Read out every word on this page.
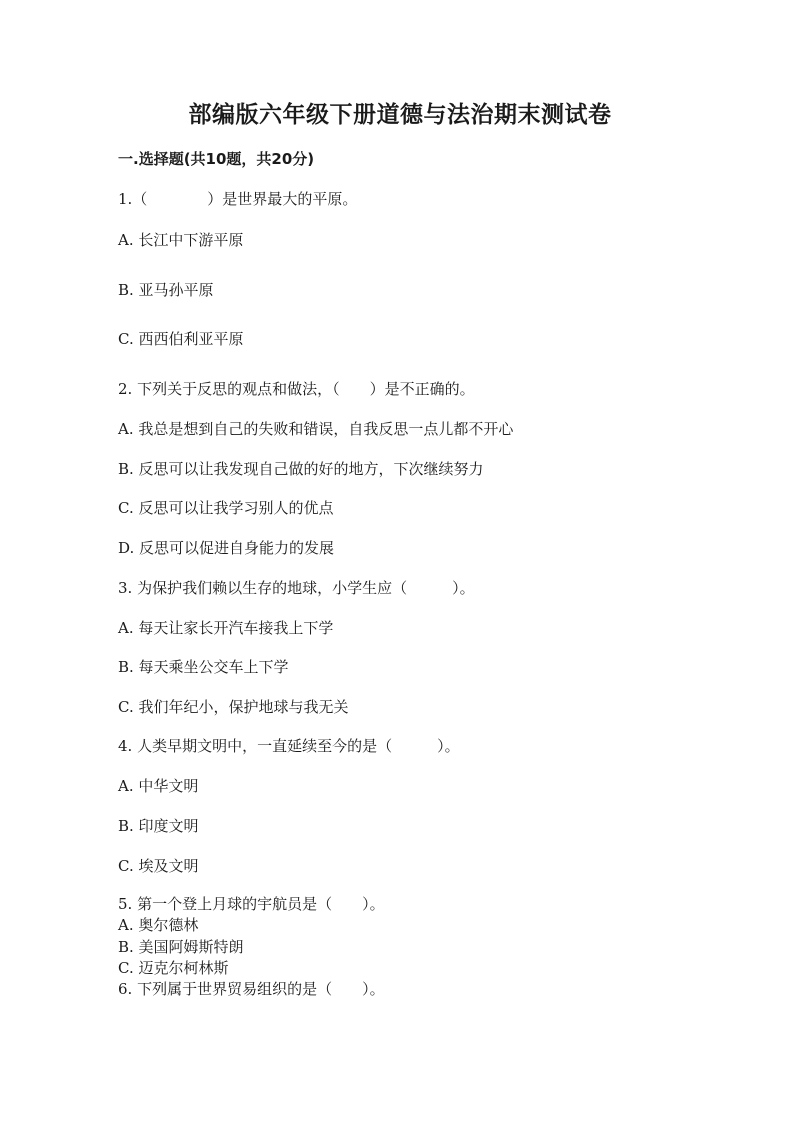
部编版六年级下册道德与法治期末测试卷
一.选择题(共10题，共20分)
1.（　　　　）是世界最大的平原。
A. 长江中下游平原
B. 亚马孙平原
C. 西西伯利亚平原
2. 下列关于反思的观点和做法，（　　）是不正确的。
A. 我总是想到自己的失败和错误，自我反思一点儿都不开心
B. 反思可以让我发现自己做的好的地方，下次继续努力
C. 反思可以让我学习别人的优点
D. 反思可以促进自身能力的发展
3. 为保护我们赖以生存的地球，小学生应（　　　）。
A. 每天让家长开汽车接我上下学
B. 每天乘坐公交车上下学
C. 我们年纪小，保护地球与我无关
4. 人类早期文明中，一直延续至今的是（　　　）。
A. 中华文明
B. 印度文明
C. 埃及文明
5. 第一个登上月球的宇航员是（　　）。
A. 奥尔德林
B. 美国阿姆斯特朗
C. 迈克尔柯林斯
6. 下列属于世界贸易组织的是（　　）。
